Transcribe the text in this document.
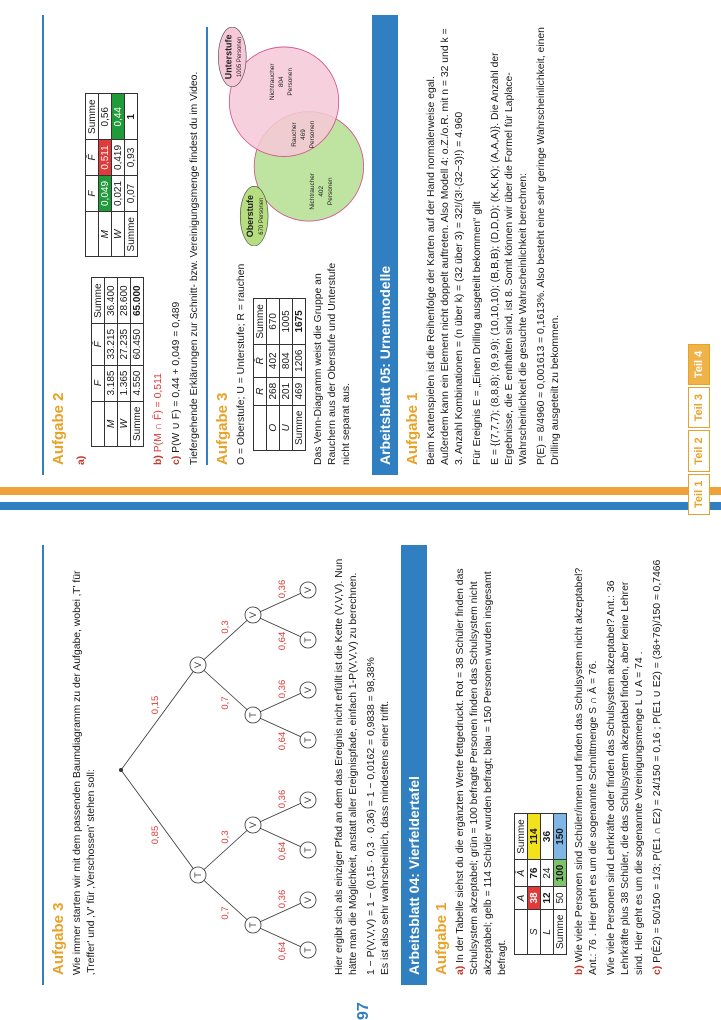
97
Aufgabe 3 Wie immer starten wir mit dem passenden Baumdiagramm zu der Aufgabe, wobei ‚T' für ‚Treffer' und ‚V' für ‚Verschossen' stehen soll:	T
V
T
V
T
V
T
V
T
V
T
V
T
V
0,85
0,15
0,7
0,3
0,7
0,3
0,64
0,36
0,64
0,36
0,64
0,36
0,64
0,36	Hier ergibt sich als einziger Pfad an dem das Ereignis nicht erfüllt ist die Kette (V,V,V). Nun hätte man die Möglichkeit, anstatt aller Ereignispfade, einfach 1-P(V,V,V) zu berechnen. 1 − P(V,V,V) = 1 − (0,15 · 0,3 · 0,36) = 1 − 0,0162 = 0,9838 = 98,38% Es ist also sehr wahrscheinlich, dass mindestens einer trifft.	Arbeitsblatt 04: Vierfeldertafel Aufgabe 1 a) In der Tabelle siehst du die ergänzten Werte fettgedruckt. Rot = 38 Schüler finden das Schulsystem akzeptabel; grün = 100 befragte Personen finden das Schulsystem nicht akzeptabel; gelb = 114 Schüler wurden befragt; blau = 150 Personen wurden insgesamt befragt.
	A	Ā	Summe
S	38	76	114
L	12	24	36
Summe	50	100	150
b) Wie viele Personen sind Schüler/innen und finden das Schulsystem nicht akzeptabel? Ant.: 76 . Hier geht es um die sogenannte Schnittmenge S ∩ Ā = 76. Wie viele Personen sind Lehrkräfte oder finden das Schulsystem akzeptabel? Ant.: 36 Lehrkräfte plus 38 Schüler, die das Schulsystem akzeptabel finden, aber keine Lehrer sind. Hier geht es um die sogenannte Vereinigungsmenge L ∪ A = 74 . c) P(Ē2) = 50/150 = 1/3; P(E1 ∩ E2) = 24/150 = 0,16 ; P(E1 ∪ E2) = (36+76)/150 ≈ 0,7466
Aufgabe 2 a)
	F	F̄	Summe
M	3.185	33.215	36.400
W	1.365	27.235	28.600
Summe	4.550	60.450	65.000
	F	F̄	Summe
M	0,049	0,511	0,56
W	0,021	0,419	0,44
Summe	0,07	0,93	1
b) P(M ∩ F̄) = 0,511
c) P(W ∪ F) = 0,44 + 0,049 = 0,489 Tiefergehende Erklärungen zur Schnitt- bzw. Vereinigungsmenge findest du im Video. Aufgabe 3 O = Oberstufe; U = Unterstufe; R = rauchen
	R	R̄	Summe
O	268	402	670
U	201	804	1005
Summe	469	1206	1675 Das Venn-Diagramm weist die Gruppe an Rauchern aus der Oberstufe und Unterstufe nicht separat aus.
Oberstufe 670 Personen
Unterstufe 1005 Personen
Nichtraucher 402 Personen
Raucher 469 Personen
Nichtraucher 804 Personen
Arbeitsblatt 05: Urnenmodelle Aufgabe 1 Beim Kartenspielen ist die Reihenfolge der Karten auf der Hand normalerweise egal. Außerdem kann ein Element nicht doppelt auftreten. Also Modell 4: o.Z./o.R. mit n = 32 und k = 3. Anzahl Kombinationen = (n über k) = (32 über 3) = 32!/(3!·(32−3)!) = 4.960 Für Ereignis E = „Einen Drilling ausgeteilt bekommen“ gilt E = {(7,7,7); (8,8,8); (9,9,9); (10,10,10); (B,B,B); (D,D,D); (K,K,K); (A,A,A)}. Die Anzahl der Ergebnisse, die E enthalten sind, ist 8. Somit können wir über die Formel für Laplace-Wahrscheinlichkeit die gesuchte Wahrscheinlichkeit berechnen: P(E) = 8/4960 ≈ 0,001613 = 0,1613%. Also besteht eine sehr geringe Wahrscheinlichkeit, einen Drilling ausgeteilt zu bekommen.
Teil 1
Teil 2
Teil 3
Teil 4
